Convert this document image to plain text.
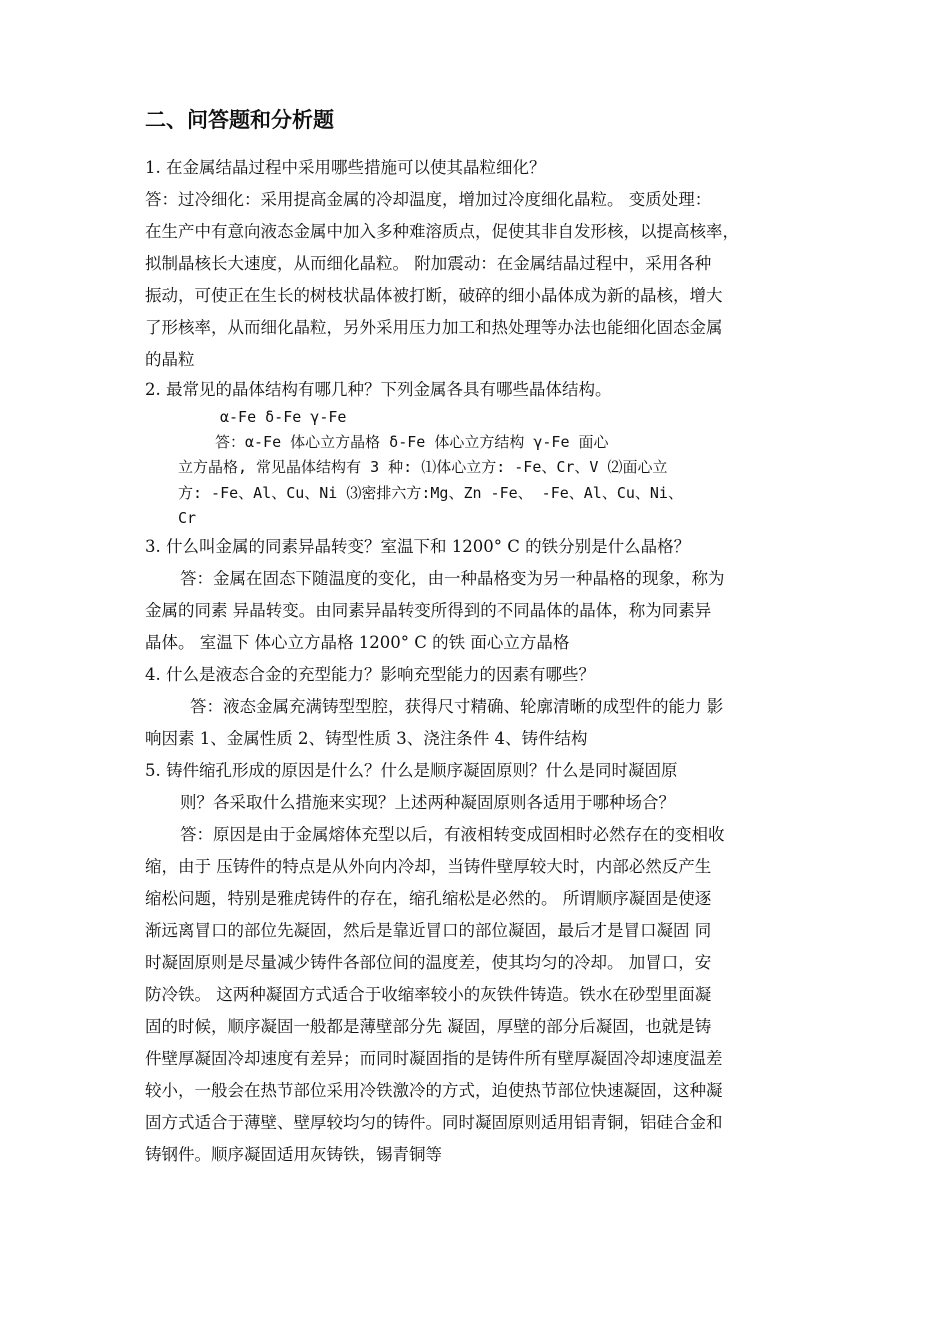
二、问答题和分析题
1. 在金属结晶过程中采用哪些措施可以使其晶粒细化？
答：过冷细化：采用提高金属的冷却温度，增加过冷度细化晶粒。 变质处理：
在生产中有意向液态金属中加入多种难溶质点，促使其非自发形核，以提高核率，
拟制晶核长大速度，从而细化晶粒。 附加震动：在金属结晶过程中，采用各种
振动，可使正在生长的树枝状晶体被打断，破碎的细小晶体成为新的晶核，增大
了形核率，从而细化晶粒，另外采用压力加工和热处理等办法也能细化固态金属
的晶粒
2. 最常见的晶体结构有哪几种？下列金属各具有哪些晶体结构。
α-Fe δ-Fe γ-Fe
答：α-Fe 体心立方晶格 δ-Fe 体心立方结构 γ-Fe 面心
立方晶格, 常见晶体结构有 3 种: ⑴体心立方: -Fe、Cr、V ⑵面心立
方: -Fe、Al、Cu、Ni ⑶密排六方:Mg、Zn -Fe、 -Fe、Al、Cu、Ni、
Cr
3. 什么叫金属的同素异晶转变？室温下和 1200° C 的铁分别是什么晶格？
答：金属在固态下随温度的变化，由一种晶格变为另一种晶格的现象，称为
金属的同素 异晶转变。由同素异晶转变所得到的不同晶体的晶体，称为同素异
晶体。 室温下 体心立方晶格 1200° C 的铁 面心立方晶格
4. 什么是液态合金的充型能力？影响充型能力的因素有哪些？
答：液态金属充满铸型型腔，获得尺寸精确、轮廓清晰的成型件的能力 影
响因素 1、金属性质 2、铸型性质 3、浇注条件 4、铸件结构
5. 铸件缩孔形成的原因是什么？什么是顺序凝固原则？什么是同时凝固原
则？各采取什么措施来实现？上述两种凝固原则各适用于哪种场合？
答：原因是由于金属熔体充型以后，有液相转变成固相时必然存在的变相收
缩，由于 压铸件的特点是从外向内冷却，当铸件壁厚较大时，内部必然反产生
缩松问题，特别是雅虎铸件的存在，缩孔缩松是必然的。 所谓顺序凝固是使逐
渐远离冒口的部位先凝固，然后是靠近冒口的部位凝固，最后才是冒口凝固 同
时凝固原则是尽量减少铸件各部位间的温度差，使其均匀的冷却。 加冒口，安
防冷铁。 这两种凝固方式适合于收缩率较小的灰铁件铸造。铁水在砂型里面凝
固的时候，顺序凝固一般都是薄壁部分先 凝固，厚壁的部分后凝固，也就是铸
件壁厚凝固冷却速度有差异；而同时凝固指的是铸件所有壁厚凝固冷却速度温差
较小，一般会在热节部位采用冷铁激冷的方式，迫使热节部位快速凝固，这种凝
固方式适合于薄壁、壁厚较均匀的铸件。同时凝固原则适用铝青铜，铝硅合金和
铸钢件。顺序凝固适用灰铸铁，锡青铜等
